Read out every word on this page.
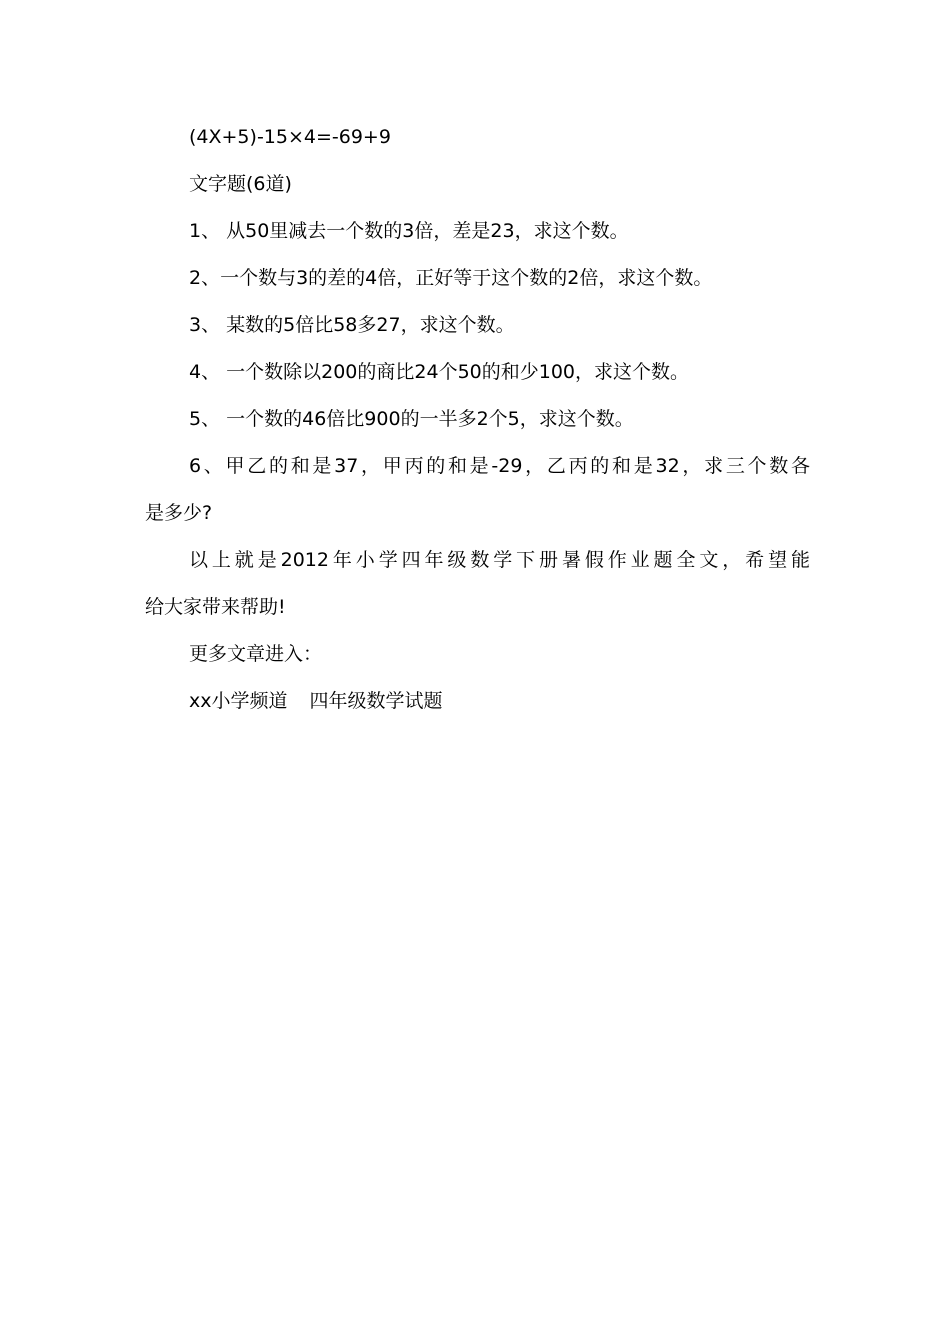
(4X+5)-15×4=-69+9

文字题(6道)

1、 从50里减去一个数的3倍，差是23，求这个数。

2、一个数与3的差的4倍，正好等于这个数的2倍，求这个数。

3、 某数的5倍比58多27，求这个数。

4、 一个数除以200的商比24个50的和少100，求这个数。

5、 一个数的46倍比900的一半多2个5，求这个数。

6、甲乙的和是37，甲丙的和是-29，乙丙的和是32，求三个数各
是多少?

以上就是2012年小学四年级数学下册暑假作业题全文，希望能
给大家带来帮助!

更多文章进入：

xx小学频道 四年级数学试题
